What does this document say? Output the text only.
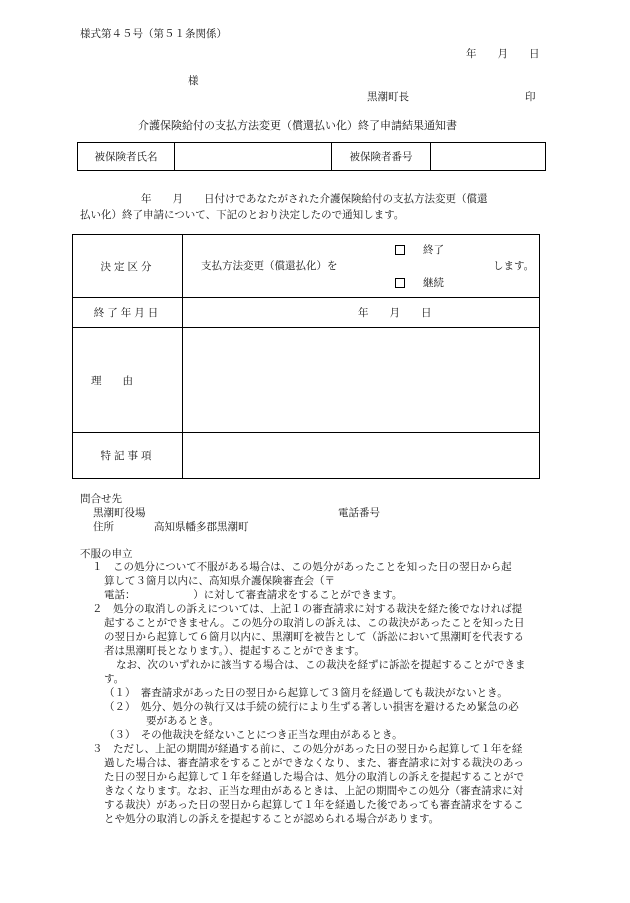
様式第４５号（第５１条関係）
年　　月　　日
様
黒潮町長	印
介護保険給付の支払方法変更（償還払い化）終了申請結果通知書
被保険者氏名		被保険者番号	
年　　月　　日付けであなたがされた介護保険給付の支払方法変更（償還
払い化）終了申請について、下記のとおり決定したので通知します。
決定区分	支払方法変更（償還払化）を
終了
継続
します。

終了年月日	年　　月　　日
理　　由	
特記事項	
問合せ先
黒潮町役場	電話番号
住所	高知県幡多郡黒潮町
不服の申立
１　この処分について不服がある場合は、この処分があったことを知った日の翌日から起
算して３箇月以内に、高知県介護保険審査会（〒
電話：　　　　　　）に対して審査請求をすることができます。
２　処分の取消しの訴えについては、上記１の審査請求に対する裁決を経た後でなければ提
起することができません。この処分の取消しの訴えは、この裁決があったことを知った日
の翌日から起算して６箇月以内に、黒潮町を被告として（訴訟において黒潮町を代表する
者は黒潮町長となります。）、提起することができます。
なお、次のいずれかに該当する場合は、この裁決を経ずに訴訟を提起することができま
す。
（１）　審査請求があった日の翌日から起算して３箇月を経過しても裁決がないとき。
（２）　処分、処分の執行又は手続の続行により生ずる著しい損害を避けるため緊急の必
要があるとき。
（３）　その他裁決を経ないことにつき正当な理由があるとき。
３　ただし、上記の期間が経過する前に、この処分があった日の翌日から起算して１年を経
過した場合は、審査請求をすることができなくなり、また、審査請求に対する裁決のあっ
た日の翌日から起算して１年を経過した場合は、処分の取消しの訴えを提起することがで
きなくなります。なお、正当な理由があるときは、上記の期間やこの処分（審査請求に対
する裁決）があった日の翌日から起算して１年を経過した後であっても審査請求をするこ
とや処分の取消しの訴えを提起することが認められる場合があります。
